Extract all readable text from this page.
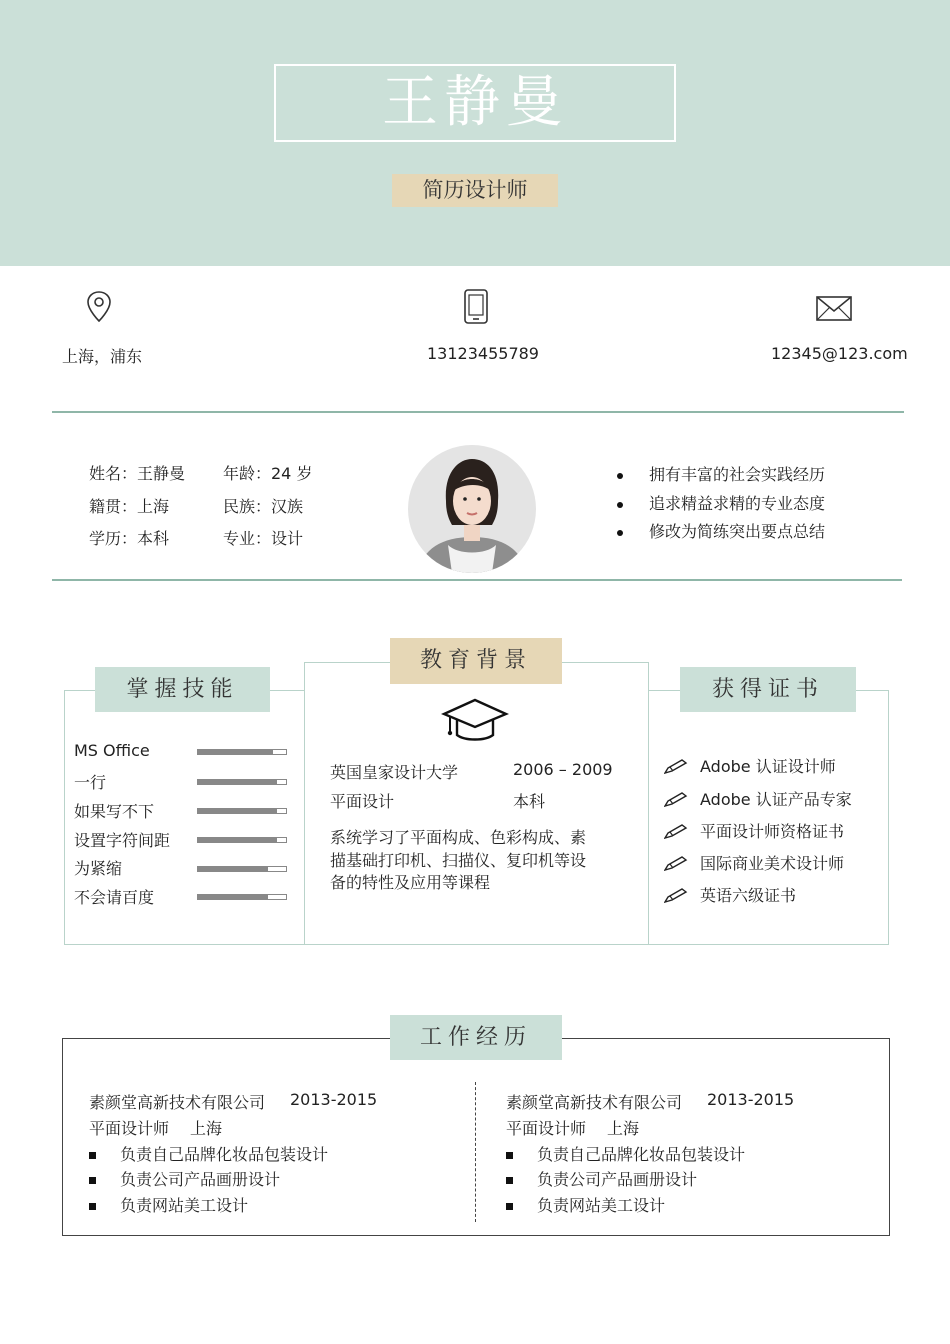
王静曼
简历设计师
上海，浦东	13123455789	12345@123.com
姓名：王静曼 年龄：24 岁
籍贯：上海	民族：汉族
学历：本科	专业：设计
拥有丰富的社会实践经历
追求精益求精的专业态度
修改为简练突出要点总结
掌握技能
MS Office
一行
如果写不下
设置字符间距
为紧缩
不会请百度
教育背景
英国皇家设计大学	2006 – 2009
平面设计	本科
系统学习了平面构成、色彩构成、素
描基础打印机、扫描仪、复印机等设
备的特性及应用等课程
获得证书
Adobe 认证设计师
Adobe 认证产品专家
平面设计师资格证书
国际商业美术设计师
英语六级证书
工作经历
素颜堂高新技术有限公司 2013-2015
平面设计师 上海
负责自己品牌化妆品包装设计
负责公司产品画册设计
负责网站美工设计
素颜堂高新技术有限公司 2013-2015
平面设计师 上海
负责自己品牌化妆品包装设计
负责公司产品画册设计
负责网站美工设计
